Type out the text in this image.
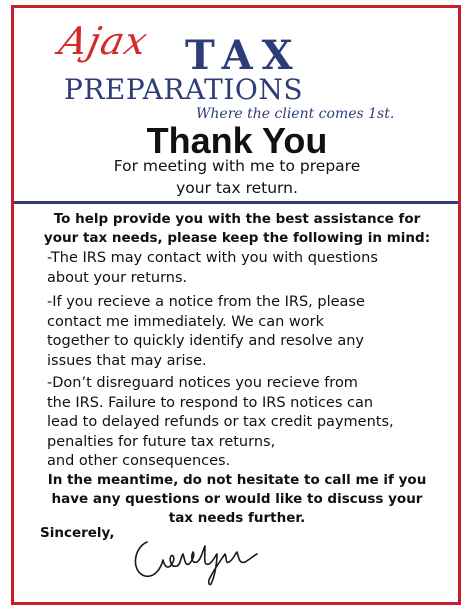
Ajax TAX
PREPARATIONS
Where the client comes 1st.
Thank You
For meeting with me to prepare
your tax return.
To help provide you with the best assistance for
your tax needs, please keep the following in mind:
-The IRS may contact with you with questions
about your returns.
-If you recieve a notice from the IRS, please
contact me immediately. We can work
together to quickly identify and resolve any
issues that may arise.
-Don’t disreguard notices you recieve from
the IRS. Failure to respond to IRS notices can
lead to delayed refunds or tax credit payments,
penalties for future tax returns,
and other consequences.
In the meantime, do not hesitate to call me if you
have any questions or would like to discuss your
tax needs further.
Sincerely,
